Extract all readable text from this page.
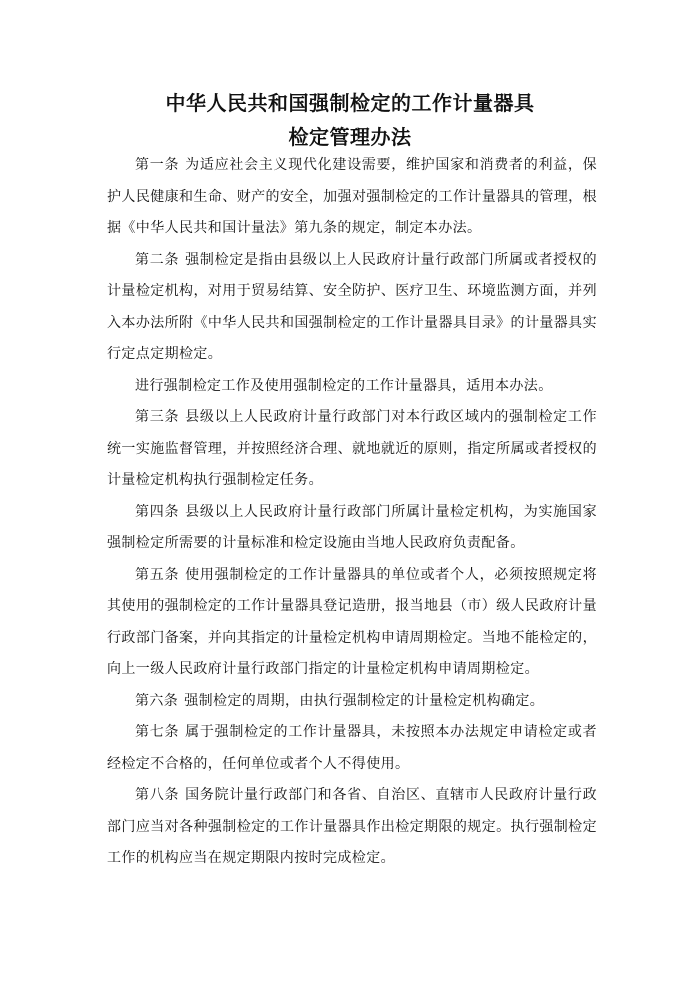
中华人民共和国强制检定的工作计量器具
检定管理办法

第一条 为适应社会主义现代化建设需要，维护国家和消费者的利益，保护人民健康和生命、财产的安全，加强对强制检定的工作计量器具的管理，根据《中华人民共和国计量法》第九条的规定，制定本办法。

第二条 强制检定是指由县级以上人民政府计量行政部门所属或者授权的计量检定机构，对用于贸易结算、安全防护、医疗卫生、环境监测方面，并列入本办法所附《中华人民共和国强制检定的工作计量器具目录》的计量器具实行定点定期检定。

进行强制检定工作及使用强制检定的工作计量器具，适用本办法。

第三条 县级以上人民政府计量行政部门对本行政区域内的强制检定工作统一实施监督管理，并按照经济合理、就地就近的原则，指定所属或者授权的计量检定机构执行强制检定任务。

第四条 县级以上人民政府计量行政部门所属计量检定机构，为实施国家强制检定所需要的计量标准和检定设施由当地人民政府负责配备。

第五条 使用强制检定的工作计量器具的单位或者个人，必须按照规定将其使用的强制检定的工作计量器具登记造册，报当地县（市）级人民政府计量行政部门备案，并向其指定的计量检定机构申请周期检定。当地不能检定的，向上一级人民政府计量行政部门指定的计量检定机构申请周期检定。

第六条 强制检定的周期，由执行强制检定的计量检定机构确定。

第七条 属于强制检定的工作计量器具，未按照本办法规定申请检定或者经检定不合格的，任何单位或者个人不得使用。

第八条 国务院计量行政部门和各省、自治区、直辖市人民政府计量行政部门应当对各种强制检定的工作计量器具作出检定期限的规定。执行强制检定工作的机构应当在规定期限内按时完成检定。
